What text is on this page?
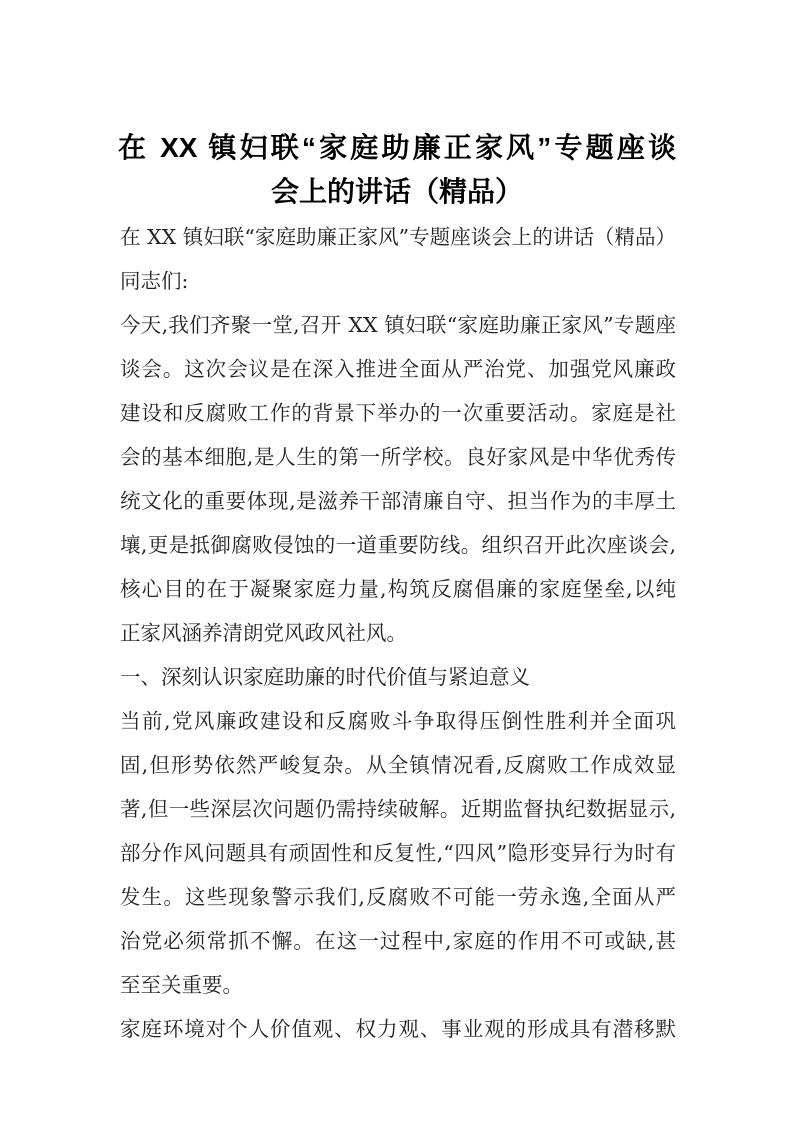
在 XX 镇妇联“家庭助廉正家风”专题座谈
会上的讲话（精品）
在 XX 镇妇联“家庭助廉正家风”专题座谈会上的讲话（精品）
同志们:
今天,我们齐聚一堂,召开 XX 镇妇联“家庭助廉正家风”专题座
谈会。这次会议是在深入推进全面从严治党、加强党风廉政
建设和反腐败工作的背景下举办的一次重要活动。家庭是社
会的基本细胞,是人生的第一所学校。良好家风是中华优秀传
统文化的重要体现,是滋养干部清廉自守、担当作为的丰厚土
壤,更是抵御腐败侵蚀的一道重要防线。组织召开此次座谈会,
核心目的在于凝聚家庭力量,构筑反腐倡廉的家庭堡垒,以纯
正家风涵养清朗党风政风社风。
一、深刻认识家庭助廉的时代价值与紧迫意义
当前,党风廉政建设和反腐败斗争取得压倒性胜利并全面巩
固,但形势依然严峻复杂。从全镇情况看,反腐败工作成效显
著,但一些深层次问题仍需持续破解。近期监督执纪数据显示,
部分作风问题具有顽固性和反复性,“四风”隐形变异行为时有
发生。这些现象警示我们,反腐败不可能一劳永逸,全面从严
治党必须常抓不懈。在这一过程中,家庭的作用不可或缺,甚
至至关重要。
家庭环境对个人价值观、权力观、事业观的形成具有潜移默
